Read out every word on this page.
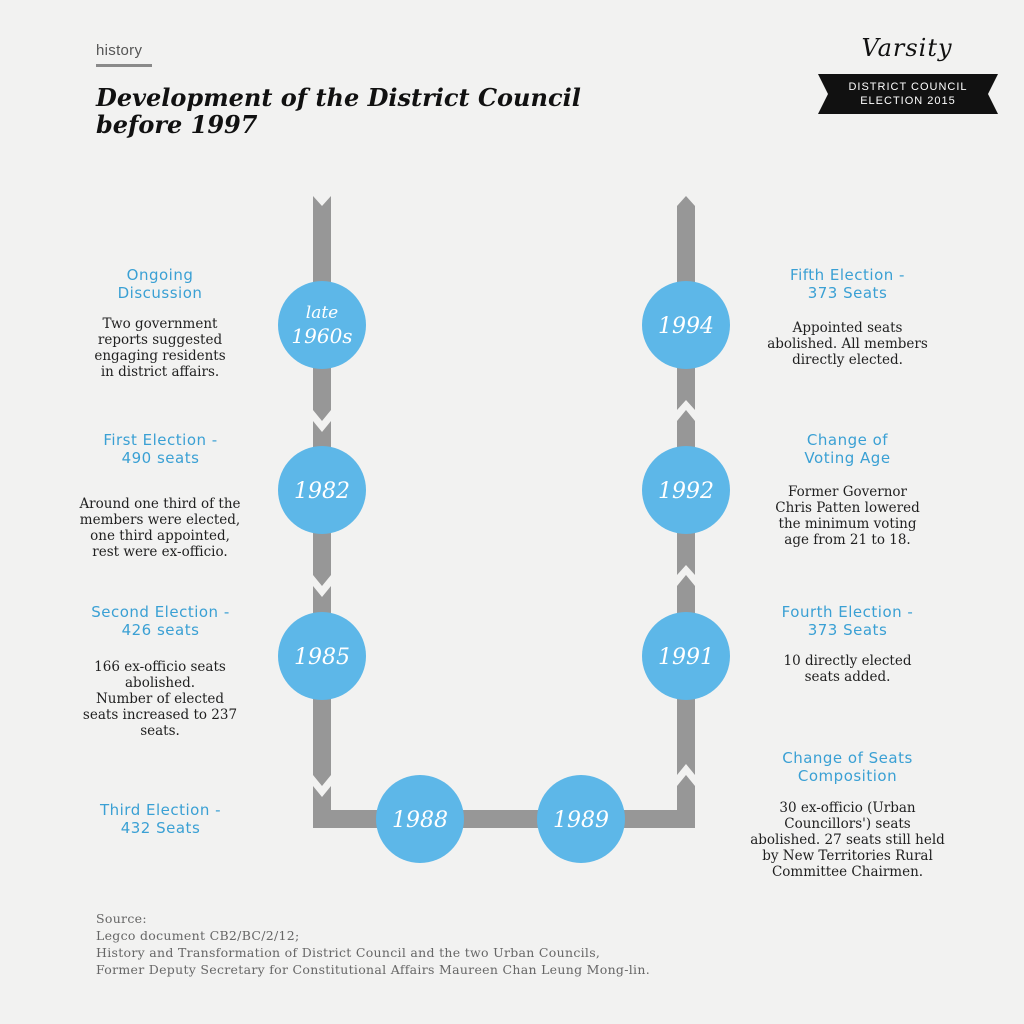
history
Development of the District Council
before 1997
Varsity
DISTRICT COUNCIL
ELECTION 2015
late
1960s
1982
1985
1988	1989
1991
1992
1994
Ongoing
Discussion
Two government
reports suggested
engaging residents
in district affairs.
First Election -
490 seats
Around one third of the
members were elected,
one third appointed,
rest were ex-officio.
Second Election -
426 seats
166 ex-officio seats
abolished.
Number of elected
seats increased to 237
seats.
Third Election -
432 Seats
Fifth Election -
373 Seats
Appointed seats
abolished. All members
directly elected.
Change of
Voting Age
Former Governor
Chris Patten lowered
the minimum voting
age from 21 to 18.
Fourth Election -
373 Seats
10 directly elected
seats added.
Change of Seats
Composition
30 ex-officio (Urban
Councillors') seats
abolished. 27 seats still held
by New Territories Rural
Committee Chairmen.
Source:
Legco document CB2/BC/2/12;
History and Transformation of District Council and the two Urban Councils,
Former Deputy Secretary for Constitutional Affairs Maureen Chan Leung Mong-lin.
